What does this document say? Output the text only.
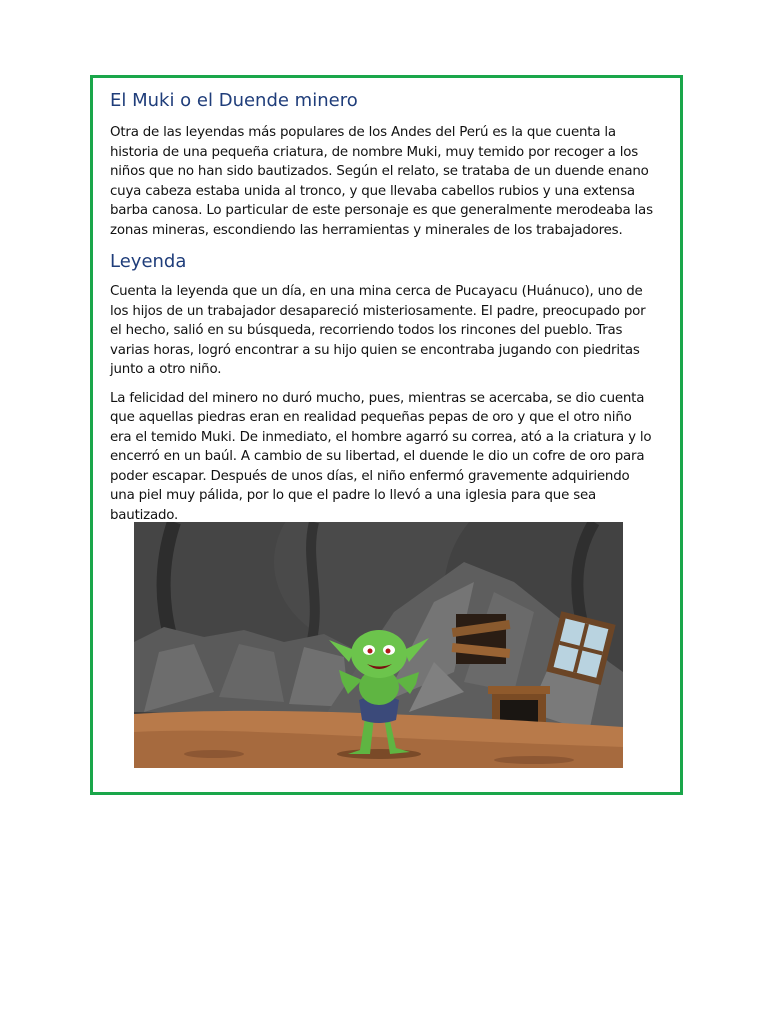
El Muki o el Duende minero

Otra de las leyendas más populares de los Andes del Perú es la que cuenta la historia de una pequeña criatura, de nombre Muki, muy temido por recoger a los niños que no han sido bautizados. Según el relato, se trataba de un duende enano cuya cabeza estaba unida al tronco, y que llevaba cabellos rubios y una extensa barba canosa. Lo particular de este personaje es que generalmente merodeaba las zonas mineras, escondiendo las herramientas y minerales de los trabajadores.

Leyenda

Cuenta la leyenda que un día, en una mina cerca de Pucayacu (Huánuco), uno de los hijos de un trabajador desapareció misteriosamente. El padre, preocupado por el hecho, salió en su búsqueda, recorriendo todos los rincones del pueblo. Tras varias horas, logró encontrar a su hijo quien se encontraba jugando con piedritas junto a otro niño.

La felicidad del minero no duró mucho, pues, mientras se acercaba, se dio cuenta que aquellas piedras eran en realidad pequeñas pepas de oro y que el otro niño era el temido Muki. De inmediato, el hombre agarró su correa, ató a la criatura y lo encerró en un baúl. A cambio de su libertad, el duende le dio un cofre de oro para poder escapar. Después de unos días, el niño enfermó gravemente adquiriendo una piel muy pálida, por lo que el padre lo llevó a una iglesia para que sea bautizado.
